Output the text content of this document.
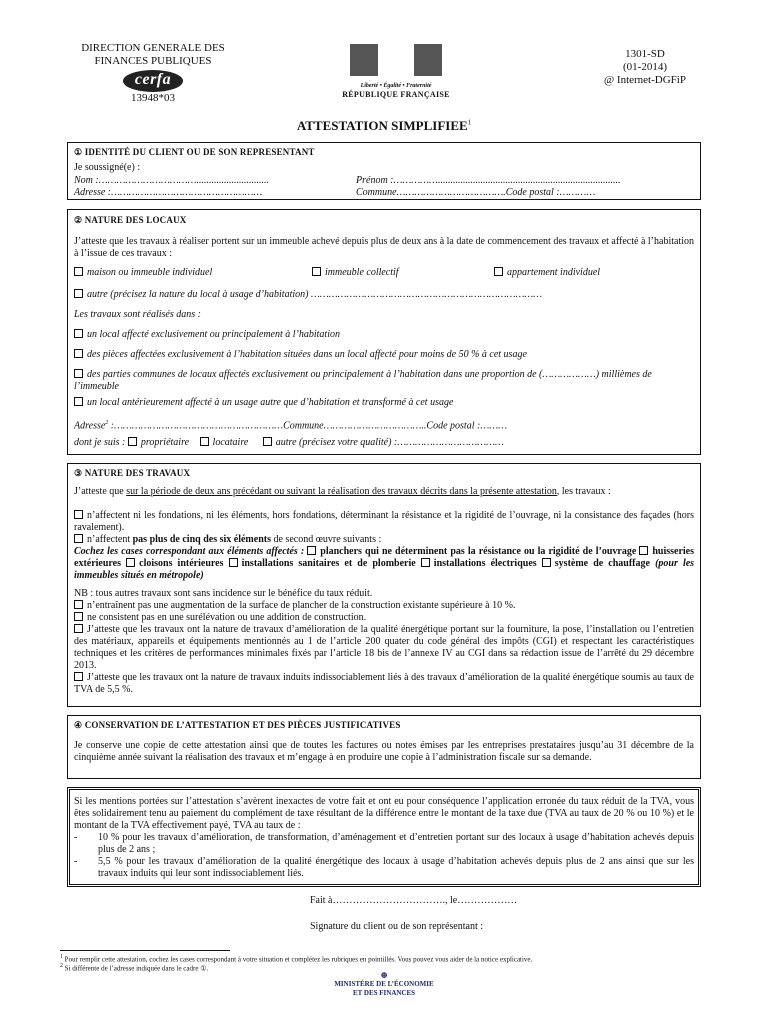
DIRECTION GENERALE DES
FINANCES PUBLIQUES
cerfa
13948*03
Liberté • Égalité • Fraternité
RÉPUBLIQUE FRANÇAISE
1301-SD
(01-2014)
@ Internet-DGFiP
ATTESTATION SIMPLIFIEE$^1$
① IDENTITÉ DU CLIENT OU DE SON REPRESENTANT
Je soussigné(e) :
Nom :…………………………….............................	Prénom :…………….........................................................................
Adresse :……………………………………………	Commune……………………………….Code postal :…………
② NATURE DES LOCAUX
J’atteste que les travaux à réaliser portent sur un immeuble achevé depuis plus de deux ans à la date de commencement des travaux et affecté à l’habitation à l’issue de ces travaux :
maison ou immeuble individuel	immeuble collectif	appartement individuel
autre (précisez la nature du local à usage d’habitation) ……………………………………………………………………
Les travaux sont réalisés dans :
un local affecté exclusivement ou principalement à l’habitation
des pièces affectées exclusivement à l’habitation situées dans un local affecté pour moins de 50 % à cet usage
des parties communes de locaux affectés exclusivement ou principalement à l’habitation dans une proportion de (………………) millièmes de l’immeuble
un local antérieurement affecté à un usage autre que d’habitation et transformé à cet usage
Adresse$^2$ :…………………………………………………Commune……………………………..Code postal :………
dont je suis : propriétaire locataire	autre (précisez votre qualité) :………………………………
③ NATURE DES TRAVAUX
J’atteste que sur la période de deux ans précédant ou suivant la réalisation des travaux décrits dans la présente attestation, les travaux :
n’affectent ni les fondations, ni les éléments, hors fondations, déterminant la résistance et la rigidité de l’ouvrage, ni la consistance des façades (hors ravalement).
n’affectent pas plus de cinq des six éléments de second œuvre suivants :
Cochez les cases correspondant aux éléments affectés : planchers qui ne déterminent pas la résistance ou la rigidité de l’ouvrage huisseries extérieures cloisons intérieures installations sanitaires et de plomberie installations électriques système de chauffage (pour les immeubles situés en métropole)
NB : tous autres travaux sont sans incidence sur le bénéfice du taux réduit.
n’entraînent pas une augmentation de la surface de plancher de la construction existante supérieure à 10 %.
ne consistent pas en une surélévation ou une addition de construction.
J’atteste que les travaux ont la nature de travaux d’amélioration de la qualité énergétique portant sur la fourniture, la pose, l’installation ou l’entretien des matériaux, appareils et équipements mentionnés au 1 de l’article 200 quater du code général des impôts (CGI) et respectant les caractéristiques techniques et les critères de performances minimales fixés par l’article 18 bis de l’annexe IV au CGI dans sa rédaction issue de l’arrêté du 29 décembre 2013.
J’atteste que les travaux ont la nature de travaux induits indissociablement liés à des travaux d’amélioration de la qualité énergétique soumis au taux de TVA de 5,5 %.
④ CONSERVATION DE L’ATTESTATION ET DES PIÈCES JUSTIFICATIVES
Je conserve une copie de cette attestation ainsi que de toutes les factures ou notes émises par les entreprises prestataires jusqu’au 31 décembre de la cinquième année suivant la réalisation des travaux et m’engage à en produire une copie à l’administration fiscale sur sa demande.
Si les mentions portées sur l’attestation s’avèrent inexactes de votre fait et ont eu pour conséquence l’application erronée du taux réduit de la TVA, vous êtes solidairement tenu au paiement du complément de taxe résultant de la différence entre le montant de la taxe due (TVA au taux de 20 % ou 10 %) et le montant de la TVA effectivement payé, TVA au taux de :
- 10 % pour les travaux d’amélioration, de transformation, d’aménagement et d’entretien portant sur des locaux à usage d’habitation achevés depuis plus de 2 ans ;
- 5,5 % pour les travaux d’amélioration de la qualité énergétique des locaux à usage d’habitation achevés depuis plus de 2 ans ainsi que sur les travaux induits qui leur sont indissociablement liés.
Fait à……………………………., le………………
Signature du client ou de son représentant :
$^1$ Pour remplir cette attestation, cochez les cases correspondant à votre situation et complétez les rubriques en pointillés. Vous pouvez vous aider de la notice explicative.
$^2$ Si différente de l’adresse indiquée dans le cadre ①.
⊕
MINISTÈRE DE L’ÉCONOMIE
ET DES FINANCES
